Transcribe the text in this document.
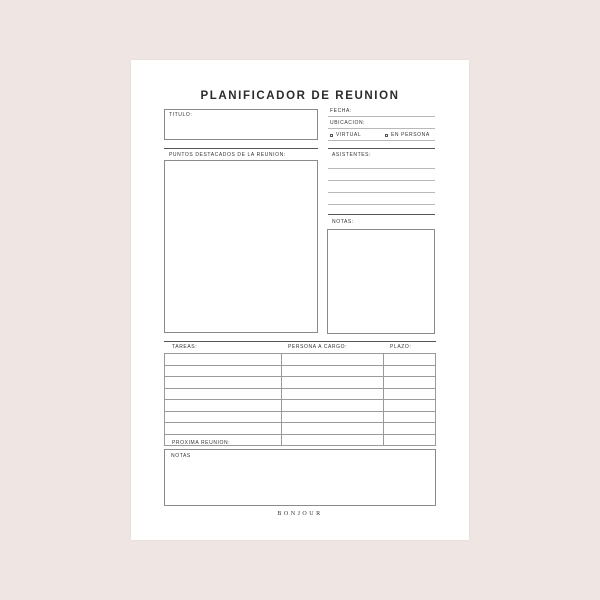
PLANIFICADOR DE REUNION
TITULO:
FECHA:
UBICACION:
VIRTUAL	EN PERSONA
PUNTOS DESTACADOS DE LA REUNION:	ASISTENTES:
NOTAS:
TAREAS:	PERSONA A CARGO:	PLAZO:

PROXIMA REUNION:
NOTAS
BONJOUR
